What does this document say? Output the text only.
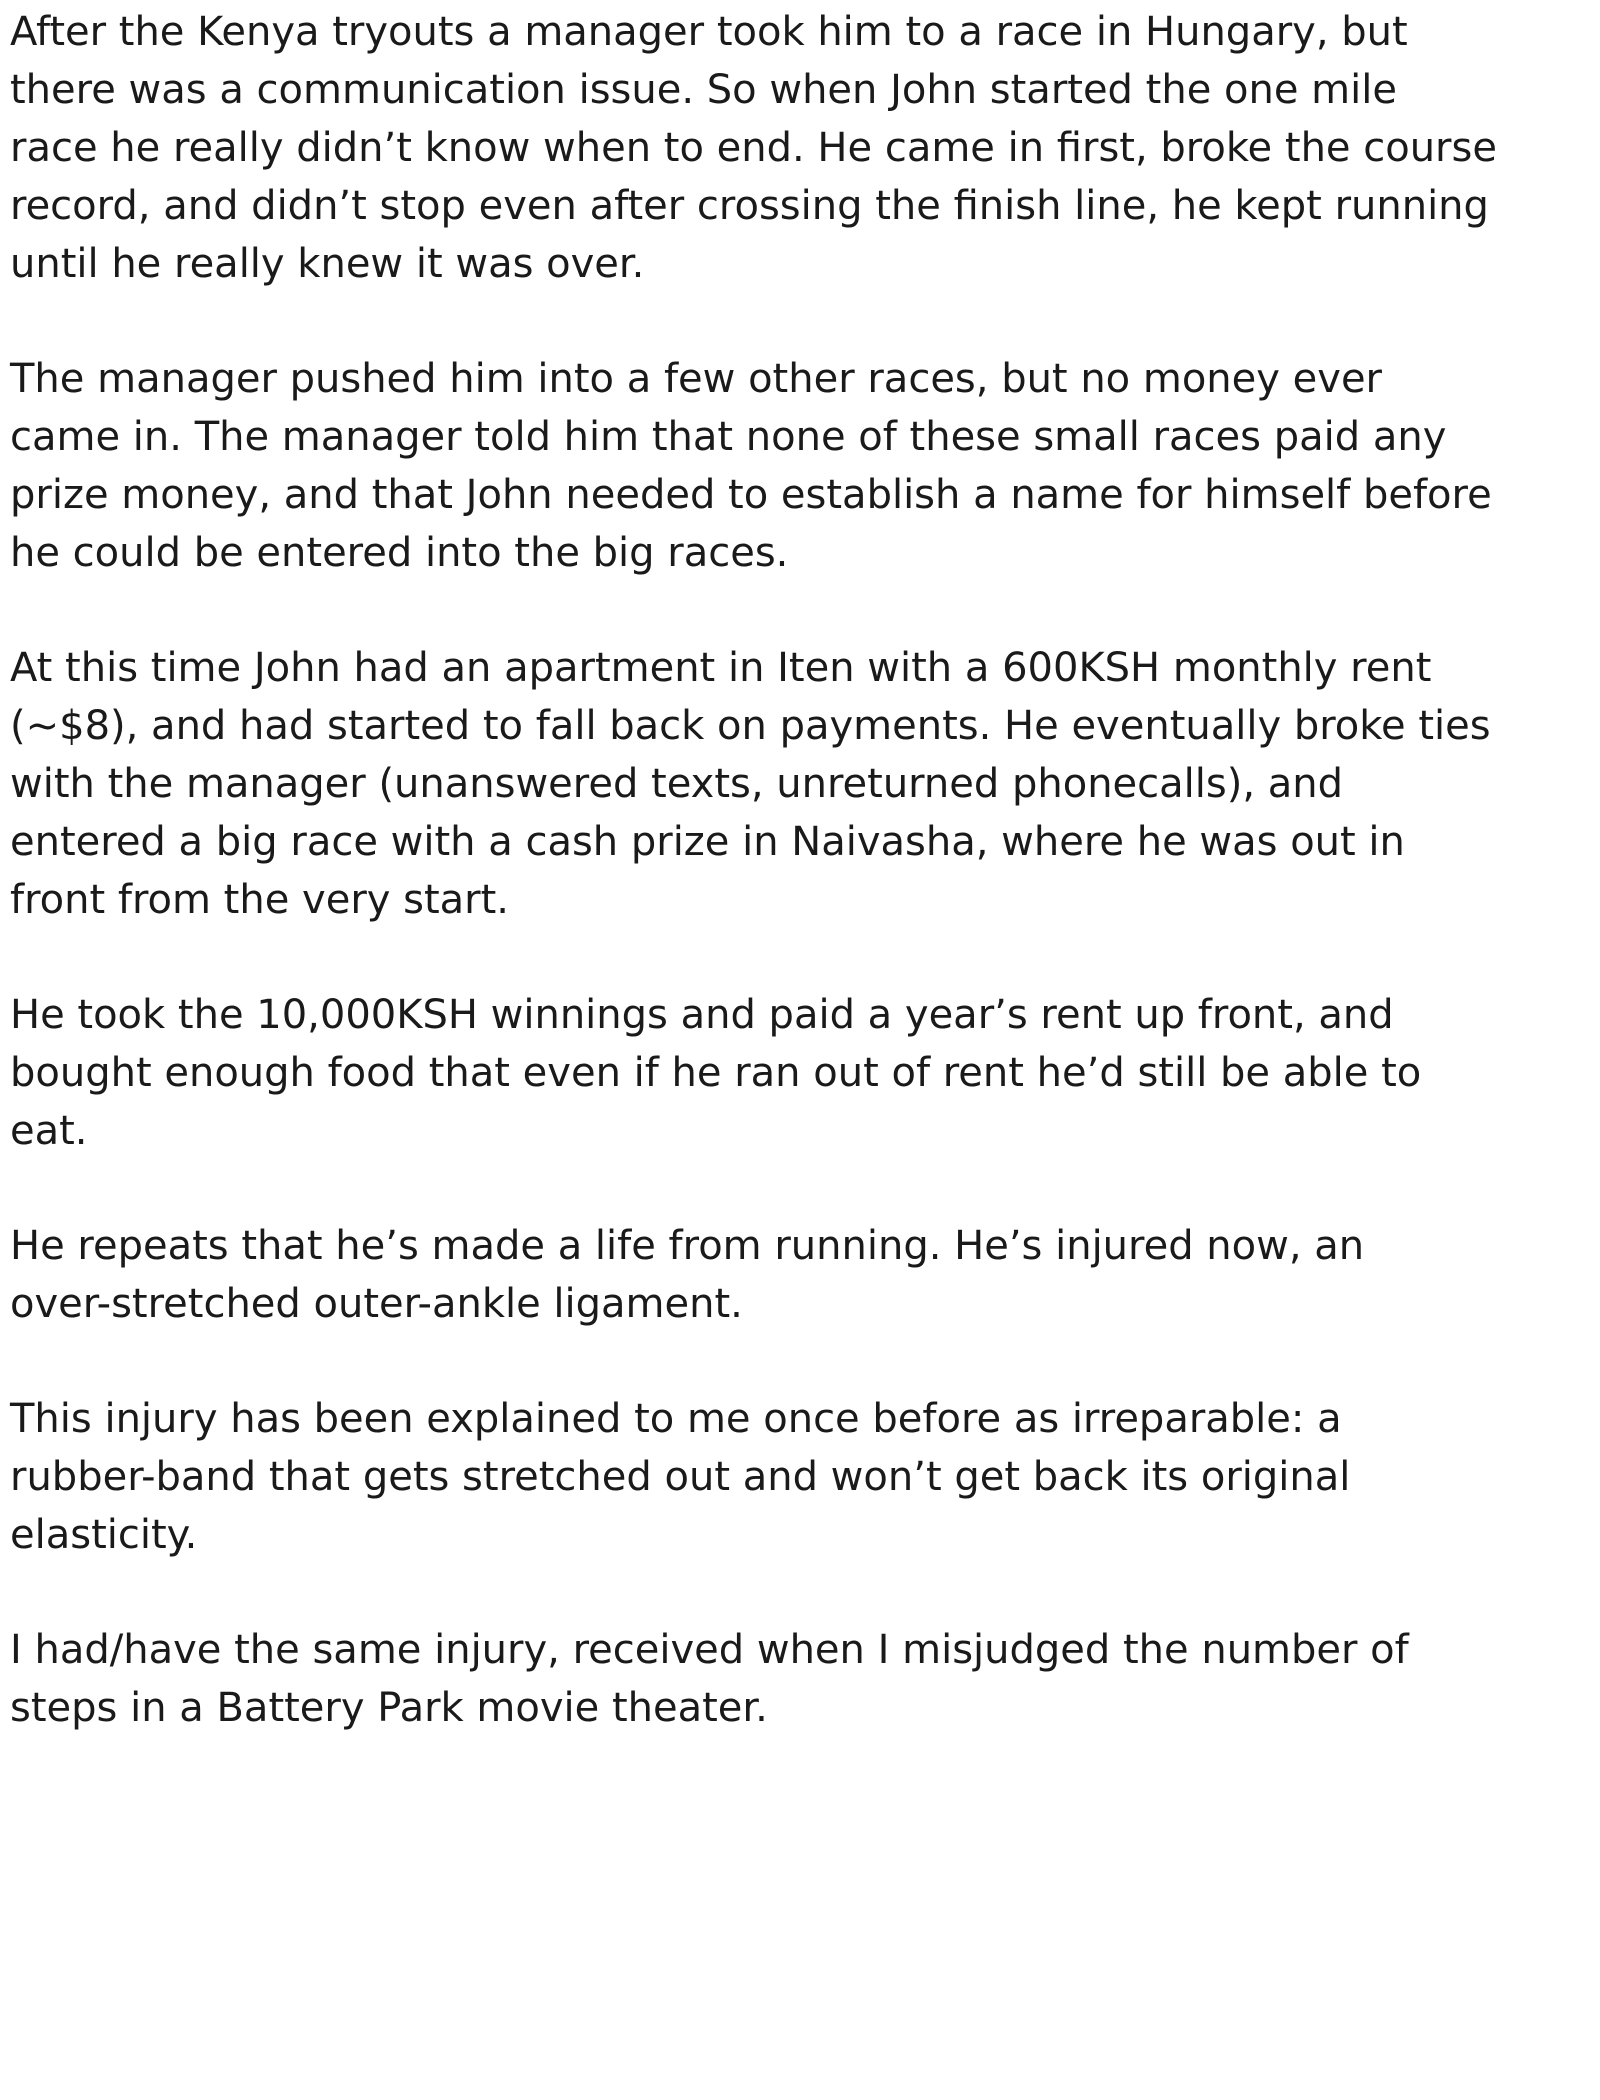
After the Kenya tryouts a manager took him to a race in Hungary, but
there was a communication issue. So when John started the one mile
race he really didn’t know when to end. He came in first, broke the course
record, and didn’t stop even after crossing the finish line, he kept running
until he really knew it was over.

The manager pushed him into a few other races, but no money ever
came in. The manager told him that none of these small races paid any
prize money, and that John needed to establish a name for himself before
he could be entered into the big races.

At this time John had an apartment in Iten with a 600KSH monthly rent
(~$8), and had started to fall back on payments. He eventually broke ties
with the manager (unanswered texts, unreturned phonecalls), and
entered a big race with a cash prize in Naivasha, where he was out in
front from the very start.

He took the 10,000KSH winnings and paid a year’s rent up front, and
bought enough food that even if he ran out of rent he’d still be able to
eat.

He repeats that he’s made a life from running. He’s injured now, an
over-stretched outer-ankle ligament.

This injury has been explained to me once before as irreparable: a
rubber-band that gets stretched out and won’t get back its original
elasticity.

I had/have the same injury, received when I misjudged the number of
steps in a Battery Park movie theater.
